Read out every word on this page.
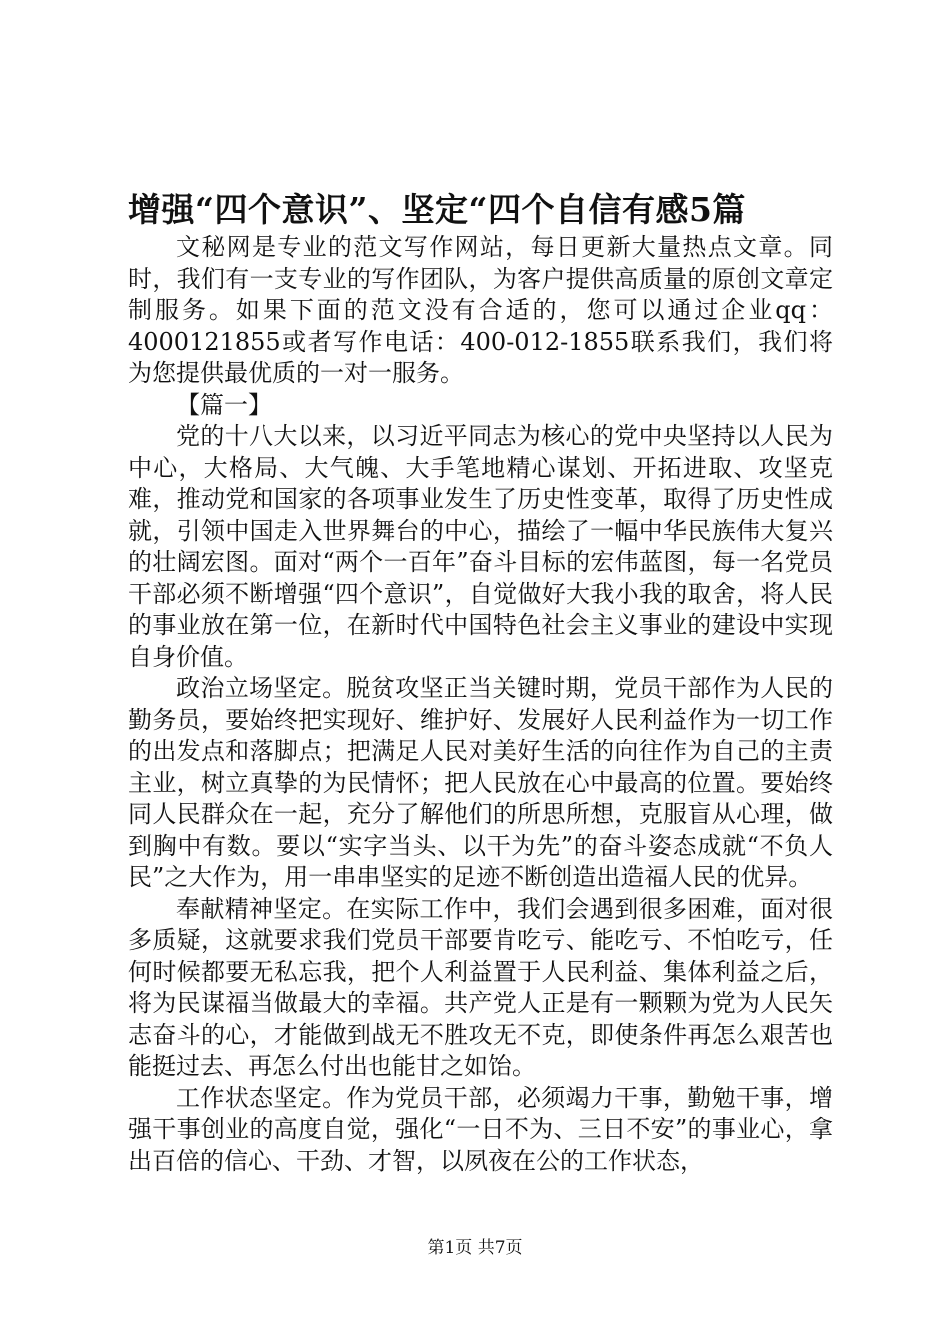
增强“四个意识”、坚定“四个自信有感5篇

文秘网是专业的范文写作网站，每日更新大量热点文章。同时，我们有一支专业的写作团队，为客户提供高质量的原创文章定制服务。如果下面的范文没有合适的，您可以通过企业qq：4000121855或者写作电话：400-012-1855联系我们，我们将为您提供最优质的一对一服务。

【篇一】

党的十八大以来，以习近平同志为核心的党中央坚持以人民为中心，大格局、大气魄、大手笔地精心谋划、开拓进取、攻坚克难，推动党和国家的各项事业发生了历史性变革，取得了历史性成就，引领中国走入世界舞台的中心，描绘了一幅中华民族伟大复兴的壮阔宏图。面对“两个一百年”奋斗目标的宏伟蓝图，每一名党员干部必须不断增强“四个意识”，自觉做好大我小我的取舍，将人民的事业放在第一位，在新时代中国特色社会主义事业的建设中实现自身价值。

政治立场坚定。脱贫攻坚正当关键时期，党员干部作为人民的勤务员，要始终把实现好、维护好、发展好人民利益作为一切工作的出发点和落脚点；把满足人民对美好生活的向往作为自己的主责主业，树立真挚的为民情怀；把人民放在心中最高的位置。要始终同人民群众在一起，充分了解他们的所思所想，克服盲从心理，做到胸中有数。要以“实字当头、以干为先”的奋斗姿态成就“不负人民”之大作为，用一串串坚实的足迹不断创造出造福人民的优异。

奉献精神坚定。在实际工作中，我们会遇到很多困难，面对很多质疑，这就要求我们党员干部要肯吃亏、能吃亏、不怕吃亏，任何时候都要无私忘我，把个人利益置于人民利益、集体利益之后，将为民谋福当做最大的幸福。共产党人正是有一颗颗为党为人民矢志奋斗的心，才能做到战无不胜攻无不克，即使条件再怎么艰苦也能挺过去、再怎么付出也能甘之如饴。

工作状态坚定。作为党员干部，必须竭力干事，勤勉干事，增强干事创业的高度自觉，强化“一日不为、三日不安”的事业心，拿出百倍的信心、干劲、才智，以夙夜在公的工作状态，

第1页 共7页
